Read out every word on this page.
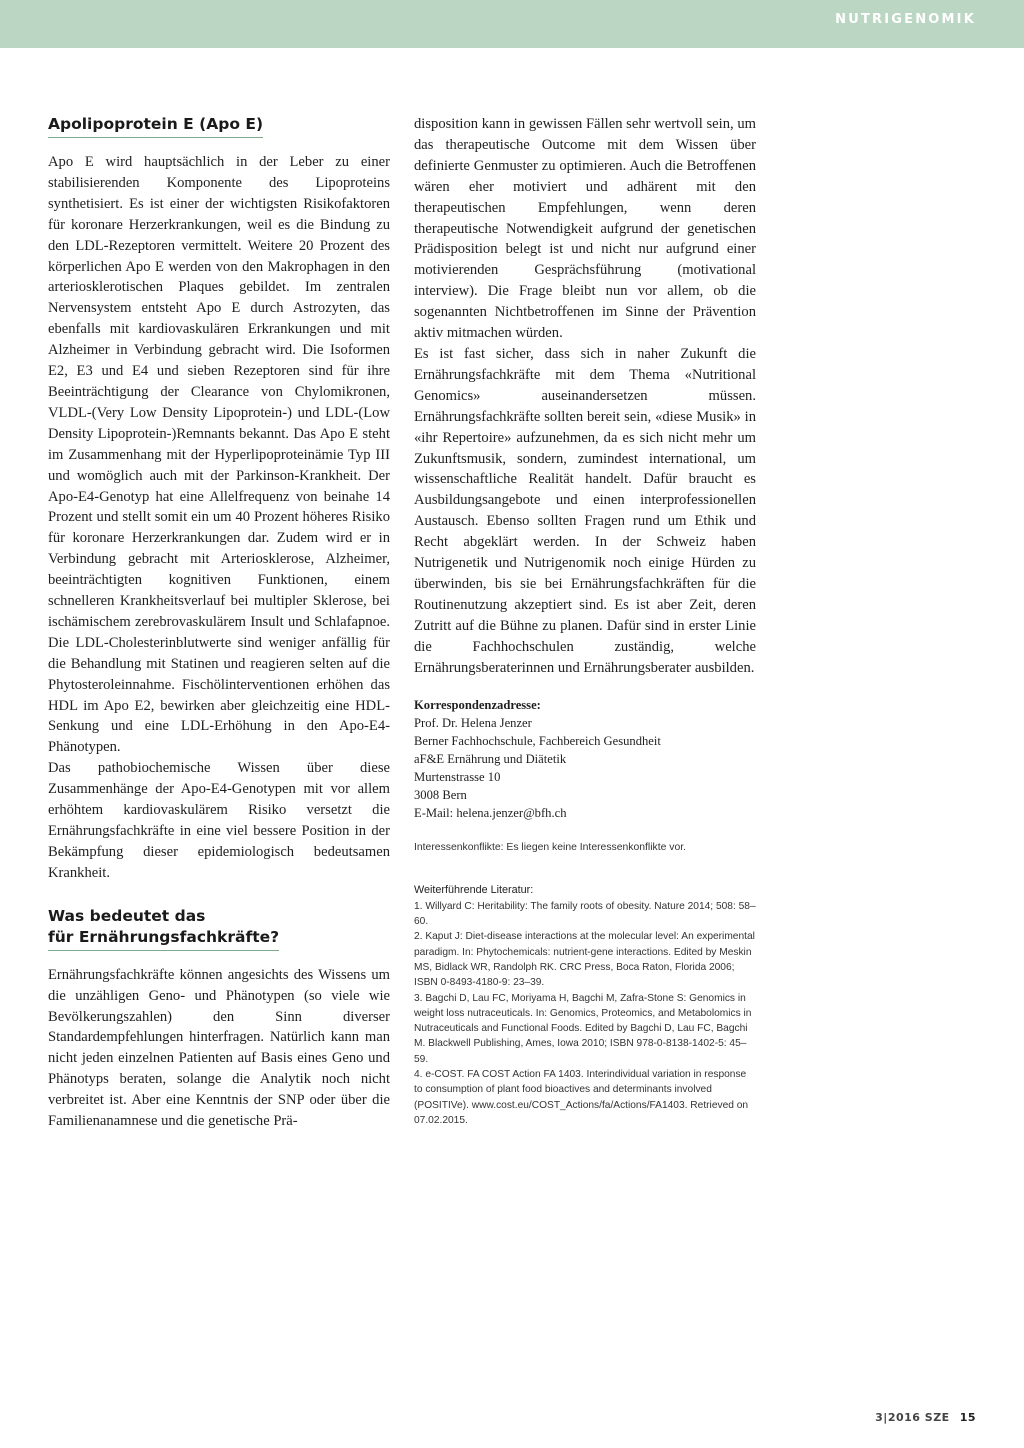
NUTRIGENOMIK
Apolipoprotein E (Apo E)

Apo E wird hauptsächlich in der Leber zu einer stabilisierenden Komponente des Lipoproteins synthetisiert. Es ist einer der wichtigsten Risikofaktoren für koronare Herzerkrankungen, weil es die Bindung zu den LDL-Rezeptoren vermittelt. Weitere 20 Prozent des körperlichen Apo E werden von den Makrophagen in den arteriosklerotischen Plaques gebildet. Im zentralen Nervensystem entsteht Apo E durch Astrozyten, das ebenfalls mit kardiovaskulären Erkrankungen und mit Alzheimer in Verbindung gebracht wird. Die Isoformen E2, E3 und E4 und sieben Rezeptoren sind für ihre Beeinträchtigung der Clearance von Chylomikronen, VLDL-(Very Low Density Lipoprotein-) und LDL-(Low Density Lipoprotein-)Remnants bekannt. Das Apo E steht im Zusammenhang mit der Hyperlipoproteinämie Typ III und womöglich auch mit der Parkinson-Krankheit. Der Apo-E4-Genotyp hat eine Allelfrequenz von beinahe 14 Prozent und stellt somit ein um 40 Prozent höheres Risiko für koronare Herzerkrankungen dar. Zudem wird er in Verbindung gebracht mit Arteriosklerose, Alzheimer, beeinträchtigten kognitiven Funktionen, einem schnelleren Krankheitsverlauf bei multipler Sklerose, bei ischämischem zerebrovaskulärem Insult und Schlafapnoe. Die LDL-Cholesterinblutwerte sind weniger anfällig für die Behandlung mit Statinen und reagieren selten auf die Phytosteroleinnahme. Fischölinterventionen erhöhen das HDL im Apo E2, bewirken aber gleichzeitig eine HDL-Senkung und eine LDL-Erhöhung in den Apo-E4-Phänotypen.

Das pathobiochemische Wissen über diese Zusammenhänge der Apo-E4-Genotypen mit vor allem erhöhtem kardiovaskulärem Risiko versetzt die Ernährungsfachkräfte in eine viel bessere Position in der Bekämpfung dieser epidemiologisch bedeutsamen Krankheit.

Was bedeutet das
für Ernährungsfachkräfte?

Ernährungsfachkräfte können angesichts des Wissens um die unzähligen Geno- und Phänotypen (so viele wie Bevölkerungszahlen) den Sinn diverser Standardempfehlungen hinterfragen. Natürlich kann man nicht jeden einzelnen Patienten auf Basis eines Geno und Phänotyps beraten, solange die Analytik noch nicht verbreitet ist. Aber eine Kenntnis der SNP oder über die Familienanamnese und die genetische Prä-

disposition kann in gewissen Fällen sehr wertvoll sein, um das therapeutische Outcome mit dem Wissen über definierte Genmuster zu optimieren. Auch die Betroffenen wären eher motiviert und adhärent mit den therapeutischen Empfehlungen, wenn deren therapeutische Notwendigkeit aufgrund der genetischen Prädisposition belegt ist und nicht nur aufgrund einer motivierenden Gesprächsführung (motivational interview). Die Frage bleibt nun vor allem, ob die sogenannten Nichtbetroffenen im Sinne der Prävention aktiv mitmachen würden.

Es ist fast sicher, dass sich in naher Zukunft die Ernährungsfachkräfte mit dem Thema «Nutritional Genomics» auseinandersetzen müssen. Ernährungsfachkräfte sollten bereit sein, «diese Musik» in «ihr Repertoire» aufzunehmen, da es sich nicht mehr um Zukunftsmusik, sondern, zumindest international, um wissenschaftliche Realität handelt. Dafür braucht es Ausbildungsangebote und einen interprofessionellen Austausch. Ebenso sollten Fragen rund um Ethik und Recht abgeklärt werden. In der Schweiz haben Nutrigenetik und Nutrigenomik noch einige Hürden zu überwinden, bis sie bei Ernährungsfachkräften für die Routinenutzung akzeptiert sind. Es ist aber Zeit, deren Zutritt auf die Bühne zu planen. Dafür sind in erster Linie die Fachhochschulen zuständig, welche Ernährungsberaterinnen und Ernährungsberater ausbilden.

Korrespondenzadresse:
Prof. Dr. Helena Jenzer
Berner Fachhochschule, Fachbereich Gesundheit
aF&E Ernährung und Diätetik
Murtenstrasse 10
3008 Bern
E-Mail: helena.jenzer@bfh.ch
Interessenkonflikte: Es liegen keine Interessenkonflikte vor.
Weiterführende Literatur:

1. Willyard C: Heritability: The family roots of obesity. Nature 2014; 508: 58–60.

2. Kaput J: Diet-disease interactions at the molecular level: An experimental paradigm. In: Phytochemicals: nutrient-gene interactions. Edited by Meskin MS, Bidlack WR, Randolph RK. CRC Press, Boca Raton, Florida 2006; ISBN 0-8493-4180-9: 23–39.

3. Bagchi D, Lau FC, Moriyama H, Bagchi M, Zafra-Stone S: Genomics in weight loss nutraceuticals. In: Genomics, Proteomics, and Metabolomics in Nutraceuticals and Functional Foods. Edited by Bagchi D, Lau FC, Bagchi M. Blackwell Publishing, Ames, Iowa 2010; ISBN 978-0-8138-1402-5: 45–59.

4. e-COST. FA COST Action FA 1403. Interindividual variation in response to consumption of plant food bioactives and determinants involved (POSITIVe). www.cost.eu/COST_Actions/fa/Actions/FA1403. Retrieved on 07.02.2015.

3|2016 SZE 15
